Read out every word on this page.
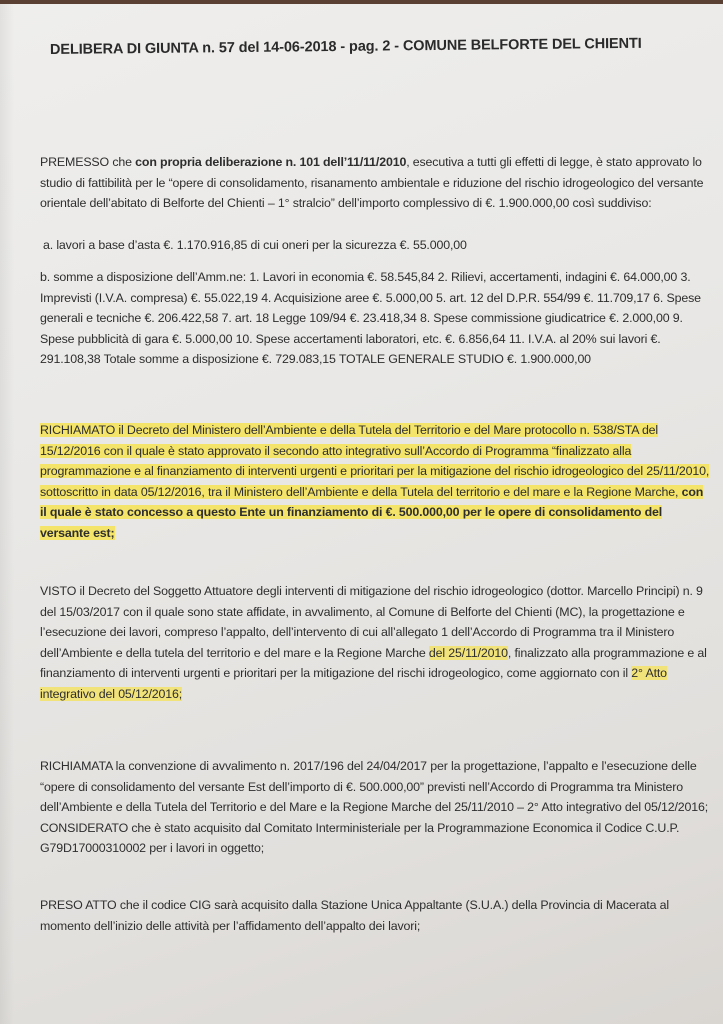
DELIBERA DI GIUNTA n. 57 del 14-06-2018 - pag. 2 - COMUNE BELFORTE DEL CHIENTI
PREMESSO che con propria deliberazione n. 101 dell’11/11/2010, esecutiva a tutti gli effetti di legge, è stato approvato lo studio di fattibilità per le “opere di consolidamento, risanamento ambientale e riduzione del rischio idrogeologico del versante orientale dell’abitato di Belforte del Chienti – 1° stralcio” dell’importo complessivo di €. 1.900.000,00 così suddiviso:
a. lavori a base d’asta €. 1.170.916,85 di cui oneri per la sicurezza €. 55.000,00
b. somme a disposizione dell’Amm.ne: 1. Lavori in economia €. 58.545,84 2. Rilievi, accertamenti, indagini €. 64.000,00 3. Imprevisti (I.V.A. compresa) €. 55.022,19 4. Acquisizione aree €. 5.000,00 5. art. 12 del D.P.R. 554/99 €. 11.709,17 6. Spese generali e tecniche €. 206.422,58 7. art. 18 Legge 109/94 €. 23.418,34 8. Spese commissione giudicatrice €. 2.000,00 9. Spese pubblicità di gara €. 5.000,00 10. Spese accertamenti laboratori, etc. €. 6.856,64 11. I.V.A. al 20% sui lavori €. 291.108,38 Totale somme a disposizione €. 729.083,15 TOTALE GENERALE STUDIO €. 1.900.000,00
RICHIAMATO il Decreto del Ministero dell’Ambiente e della Tutela del Territorio e del Mare protocollo n. 538/STA del 15/12/2016 con il quale è stato approvato il secondo atto integrativo sull’Accordo di Programma “finalizzato alla programmazione e al finanziamento di interventi urgenti e prioritari per la mitigazione del rischio idrogeologico del 25/11/2010, sottoscritto in data 05/12/2016, tra il Ministero dell’Ambiente e della Tutela del territorio e del mare e la Regione Marche, con il quale è stato concesso a questo Ente un finanziamento di €. 500.000,00 per le opere di consolidamento del versante est;
VISTO il Decreto del Soggetto Attuatore degli interventi di mitigazione del rischio idrogeologico (dottor. Marcello Principi) n. 9 del 15/03/2017 con il quale sono state affidate, in avvalimento, al Comune di Belforte del Chienti (MC), la progettazione e l’esecuzione dei lavori, compreso l’appalto, dell’intervento di cui all’allegato 1 dell’Accordo di Programma tra il Ministero dell’Ambiente e della tutela del territorio e del mare e la Regione Marche del 25/11/2010, finalizzato alla programmazione e al finanziamento di interventi urgenti e prioritari per la mitigazione del rischi idrogeologico, come aggiornato con il 2° Atto integrativo del 05/12/2016;
RICHIAMATA la convenzione di avvalimento n. 2017/196 del 24/04/2017 per la progettazione, l’appalto e l’esecuzione delle “opere di consolidamento del versante Est dell’importo di €. 500.000,00” previsti nell’Accordo di Programma tra Ministero dell’Ambiente e della Tutela del Territorio e del Mare e la Regione Marche del 25/11/2010 – 2° Atto integrativo del 05/12/2016; CONSIDERATO che è stato acquisito dal Comitato Interministeriale per la Programmazione Economica il Codice C.U.P. G79D17000310002 per i lavori in oggetto;
PRESO ATTO che il codice CIG sarà acquisito dalla Stazione Unica Appaltante (S.U.A.) della Provincia di Macerata al momento dell’inizio delle attività per l’affidamento dell’appalto dei lavori;
